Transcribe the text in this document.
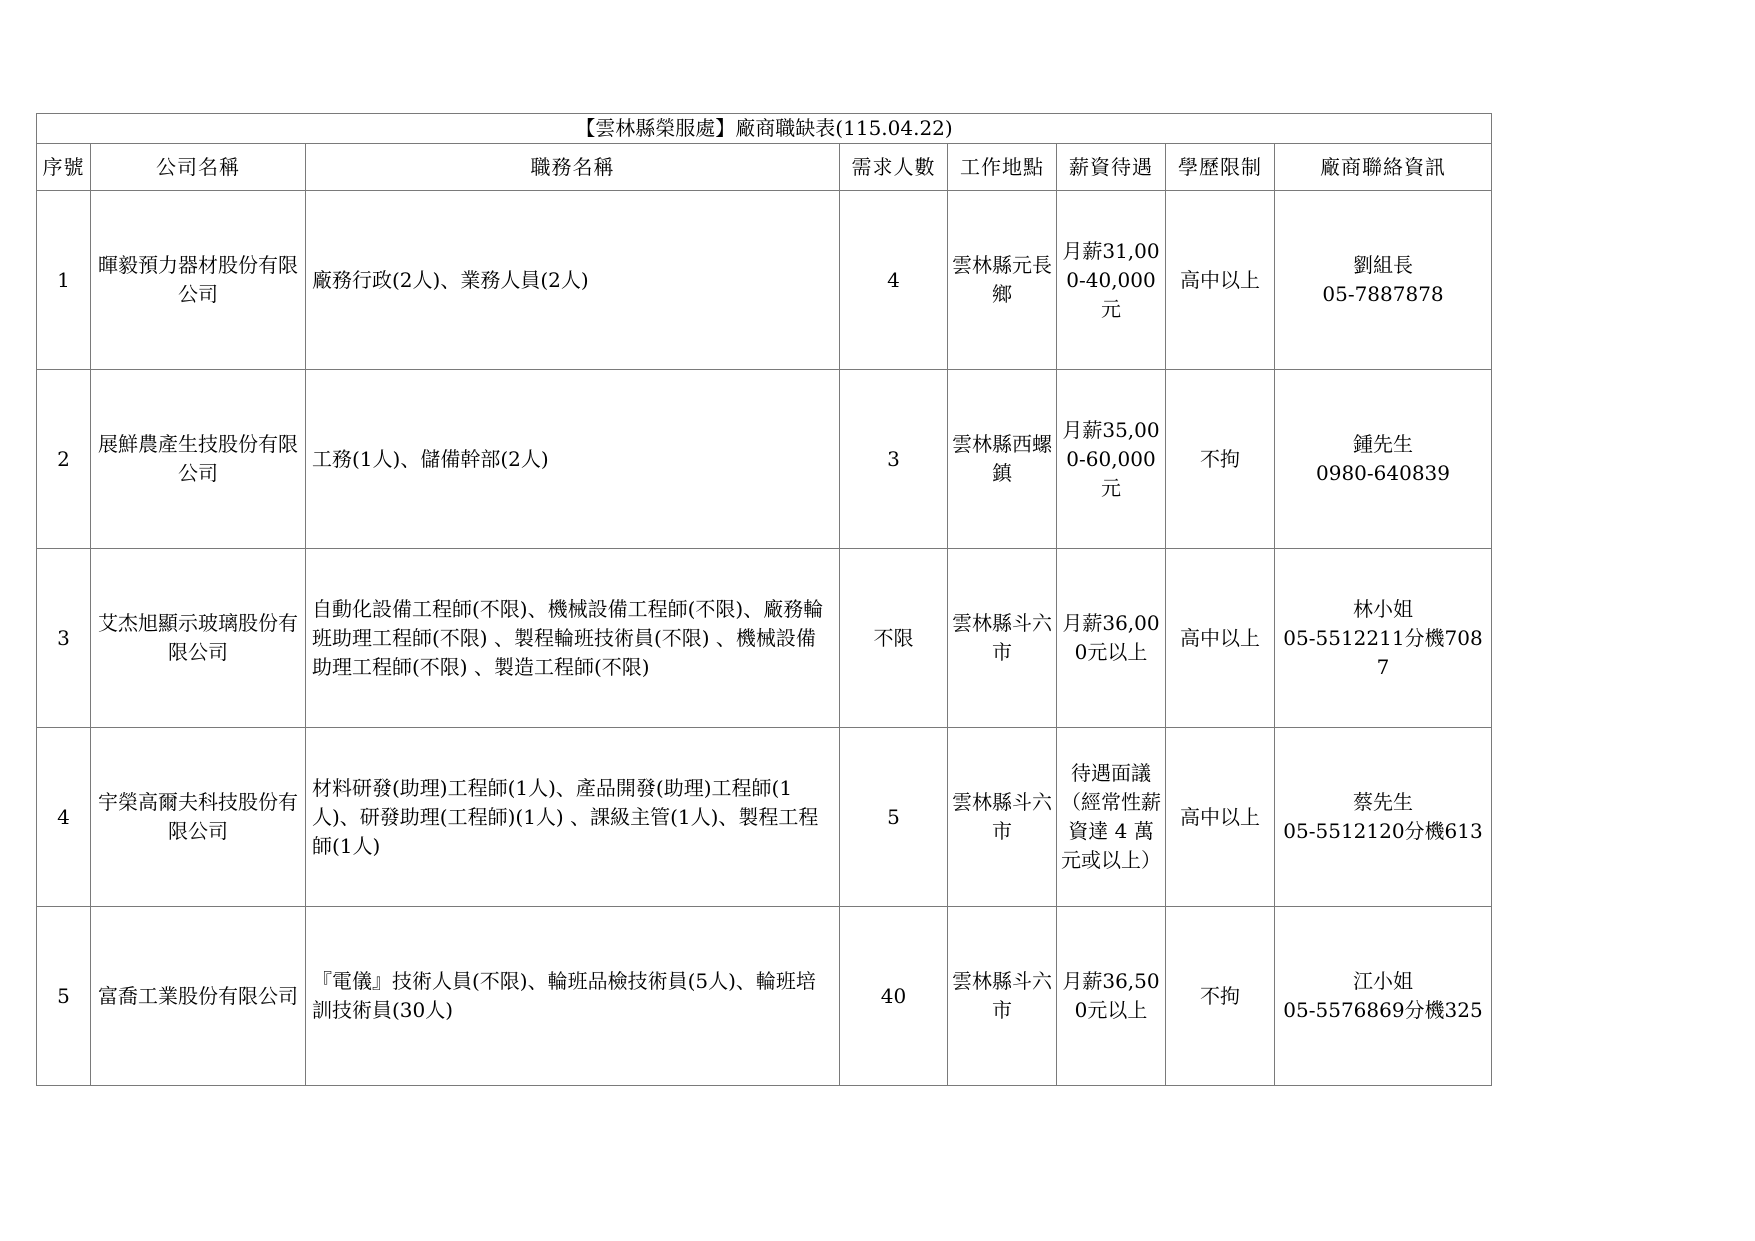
【雲林縣榮服處】廠商職缺表(115.04.22)							
序號	公司名稱	職務名稱	需求人數	工作地點	薪資待遇	學歷限制	廠商聯絡資訊
1	暉毅預力器材股份有限公司	廠務行政(2人)、業務人員(2人)	4	雲林縣元長鄉	月薪31,000-40,000元	高中以上	劉組長
05-7887878

2	展鮮農產生技股份有限公司	工務(1人)、儲備幹部(2人)	3	雲林縣西螺鎮	月薪35,000-60,000元	不拘	鍾先生
0980-640839

3	艾杰旭顯示玻璃股份有限公司	自動化設備工程師(不限)、機械設備工程師(不限)、廠務輪班助理工程師(不限) 、製程輪班技術員(不限) 、機械設備助理工程師(不限) 、製造工程師(不限)	不限	雲林縣斗六市	月薪36,000元以上	高中以上	林小姐
05-5512211分機7087

4	宇榮高爾夫科技股份有限公司	材料研發(助理)工程師(1人)、產品開發(助理)工程師(1人)、研發助理(工程師)(1人) 、課級主管(1人)、製程工程師(1人)	5	雲林縣斗六市	待遇面議（經常性薪資達 4 萬元或以上）	高中以上	蔡先生
05-5512120分機613

5	富喬工業股份有限公司	『電儀』技術人員(不限)、輪班品檢技術員(5人)、輪班培訓技術員(30人)	40	雲林縣斗六市	月薪36,500元以上	不拘	江小姐
05-5576869分機325
